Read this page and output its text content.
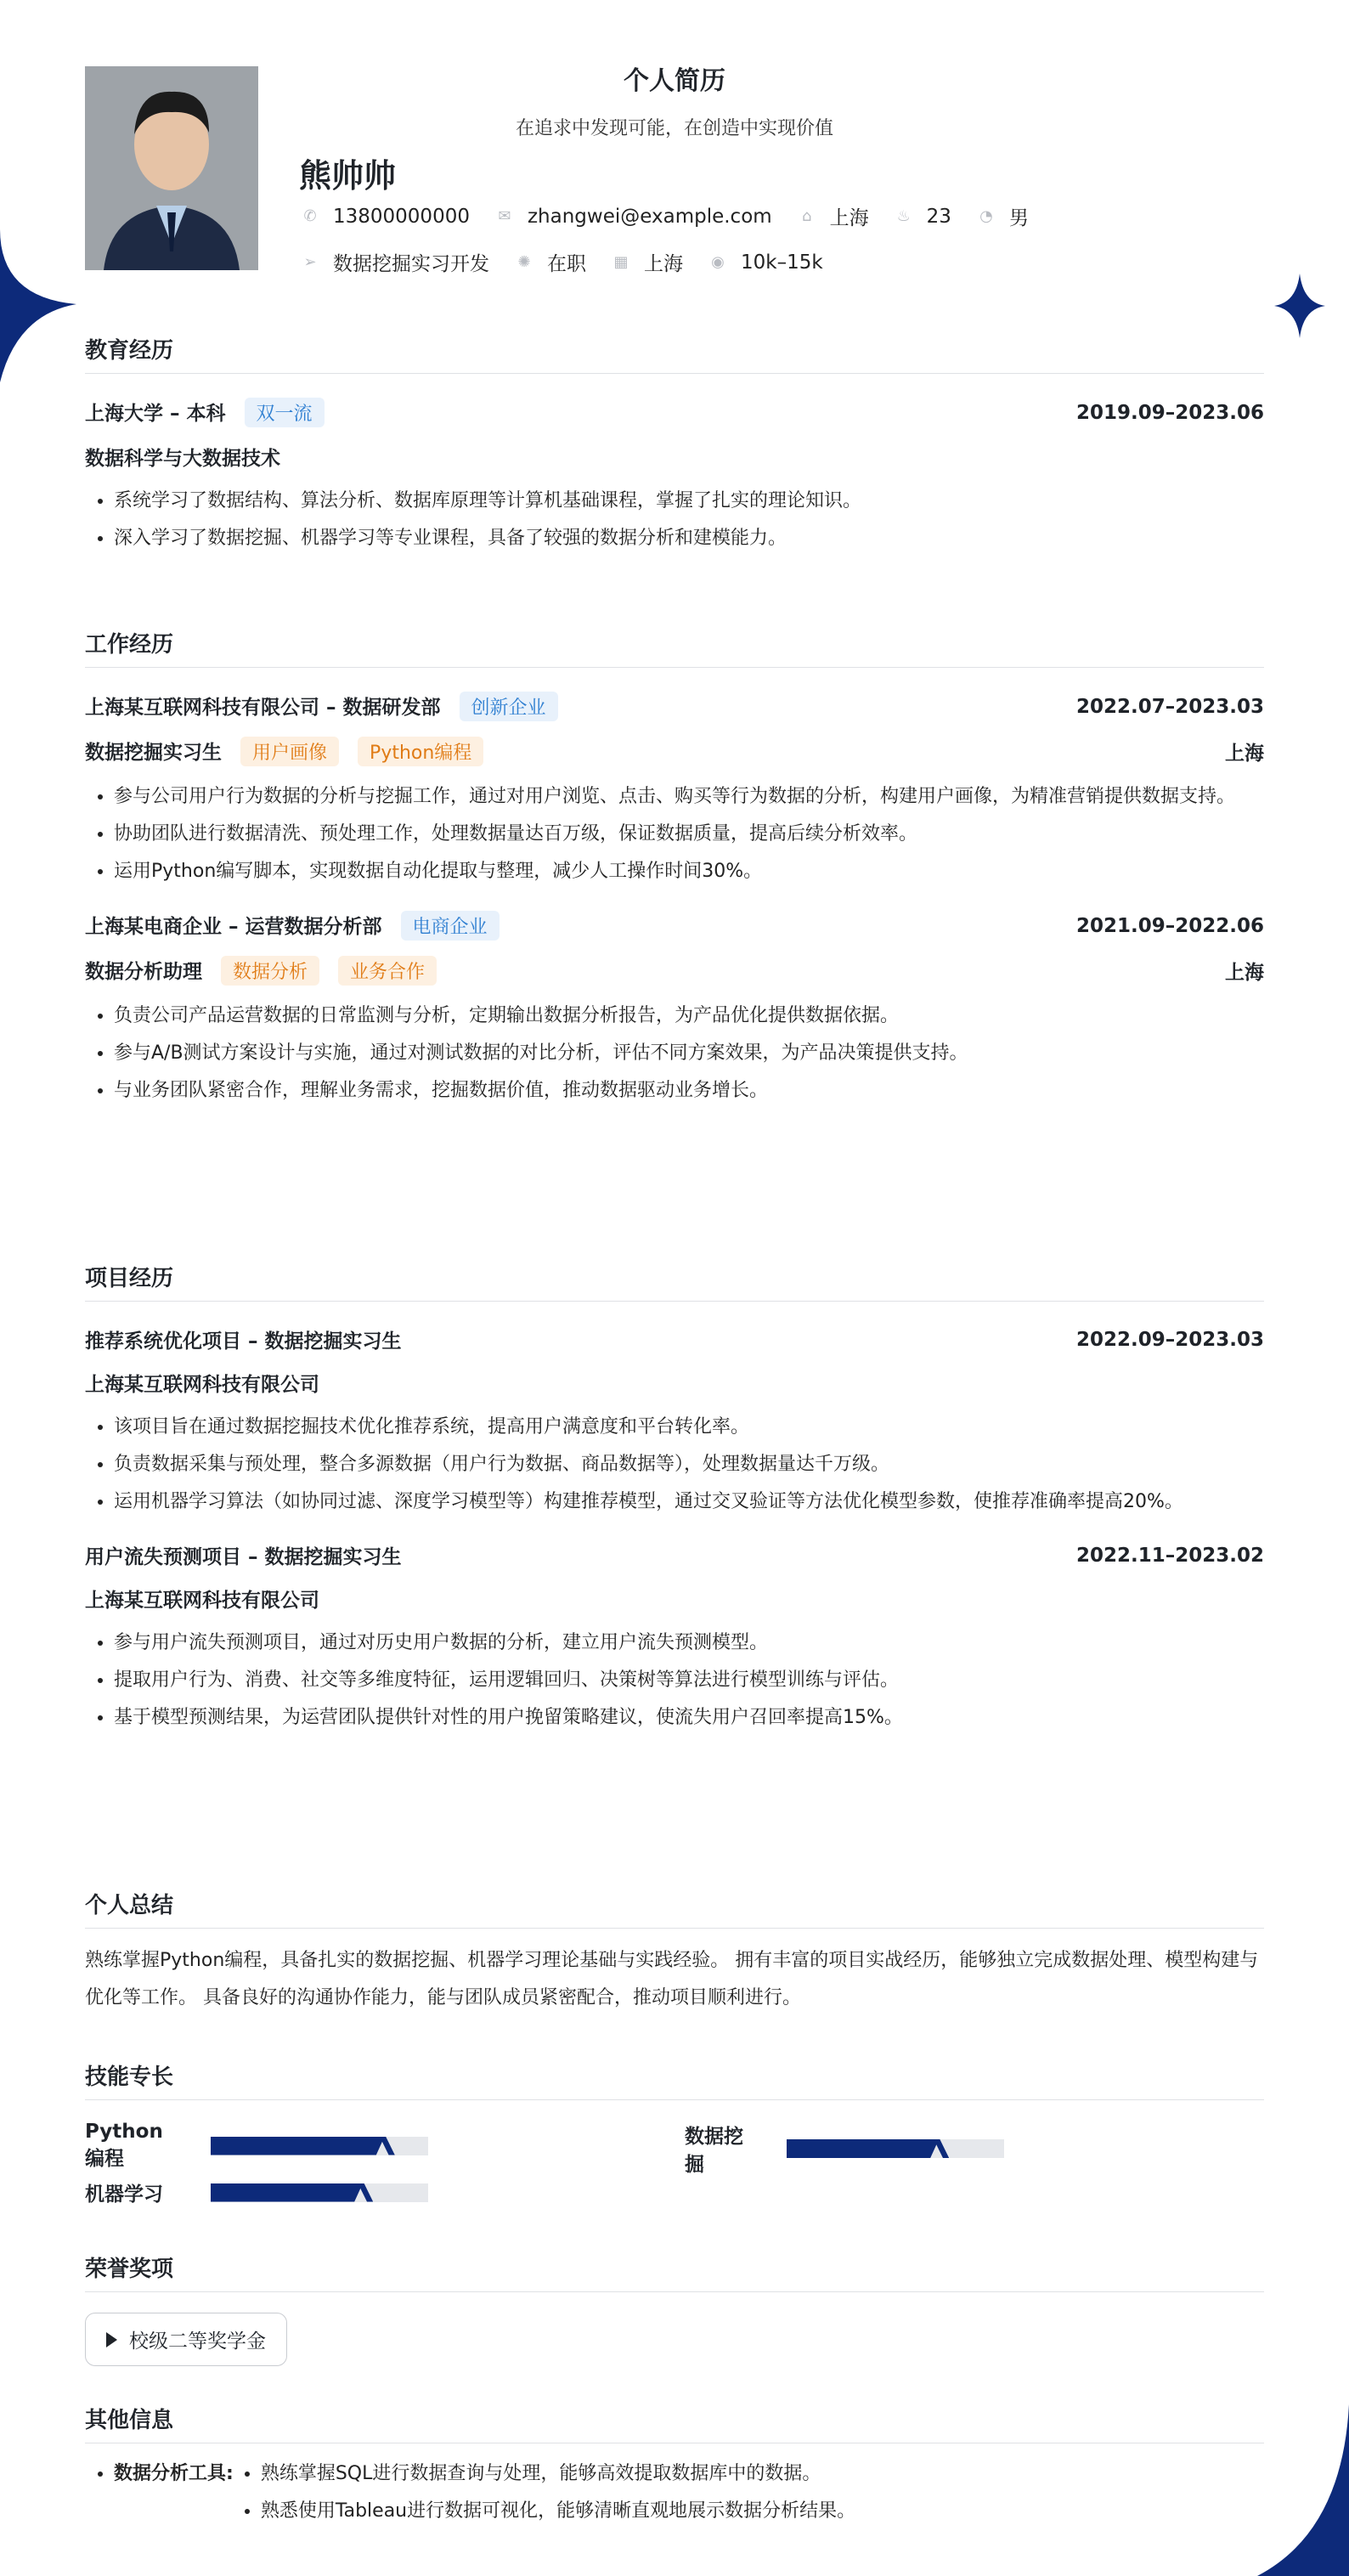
个人简历
在追求中发现可能，在创造中实现价值
熊帅帅
✆ 13800000000	✉ zhangwei@example.com	⌂ 上海 ♨ 23 ◔ 男
➢ 数据挖掘实习开发	✺ 在职 ▦ 上海 ◉ 10k–15k
教育经历
上海大学 – 本科 双一流	2019.09–2023.06
数据科学与大数据技术
• 系统学习了数据结构、算法分析、数据库原理等计算机基础课程，掌握了扎实的理论知识。
• 深入学习了数据挖掘、机器学习等专业课程，具备了较强的数据分析和建模能力。
工作经历
上海某互联网科技有限公司 – 数据研发部 创新企业	2022.07–2023.03
数据挖掘实习生 用户画像 Python编程	上海
• 参与公司用户行为数据的分析与挖掘工作，通过对用户浏览、点击、购买等行为数据的分析，构建用户画像，为精准营销提供数据支持。
• 协助团队进行数据清洗、预处理工作，处理数据量达百万级，保证数据质量，提高后续分析效率。
• 运用Python编写脚本，实现数据自动化提取与整理，减少人工操作时间30%。
上海某电商企业 – 运营数据分析部 电商企业	2021.09–2022.06
数据分析助理 数据分析 业务合作	上海
• 负责公司产品运营数据的日常监测与分析，定期输出数据分析报告，为产品优化提供数据依据。
• 参与A/B测试方案设计与实施，通过对测试数据的对比分析，评估不同方案效果，为产品决策提供支持。
• 与业务团队紧密合作，理解业务需求，挖掘数据价值，推动数据驱动业务增长。
项目经历
推荐系统优化项目 – 数据挖掘实习生	2022.09–2023.03
上海某互联网科技有限公司
• 该项目旨在通过数据挖掘技术优化推荐系统，提高用户满意度和平台转化率。
• 负责数据采集与预处理，整合多源数据（用户行为数据、商品数据等），处理数据量达千万级。
• 运用机器学习算法（如协同过滤、深度学习模型等）构建推荐模型，通过交叉验证等方法优化模型参数，使推荐准确率提高20%。
用户流失预测项目 – 数据挖掘实习生	2022.11–2023.02
上海某互联网科技有限公司
• 参与用户流失预测项目，通过对历史用户数据的分析，建立用户流失预测模型。
• 提取用户行为、消费、社交等多维度特征，运用逻辑回归、决策树等算法进行模型训练与评估。
• 基于模型预测结果，为运营团队提供针对性的用户挽留策略建议，使流失用户召回率提高15%。
个人总结
熟练掌握Python编程，具备扎实的数据挖掘、机器学习理论基础与实践经验。 拥有丰富的项目实战经历，能够独立完成数据处理、模型构建与优化等工作。 具备良好的沟通协作能力，能与团队成员紧密配合，推动项目顺利进行。
技能专长
Python编程
数据挖掘
机器学习
荣誉奖项
校级二等奖学金
其他信息
• 数据分析工具:
• 熟练掌握SQL进行数据查询与处理，能够高效提取数据库中的数据。
• 熟悉使用Tableau进行数据可视化，能够清晰直观地展示数据分析结果。
